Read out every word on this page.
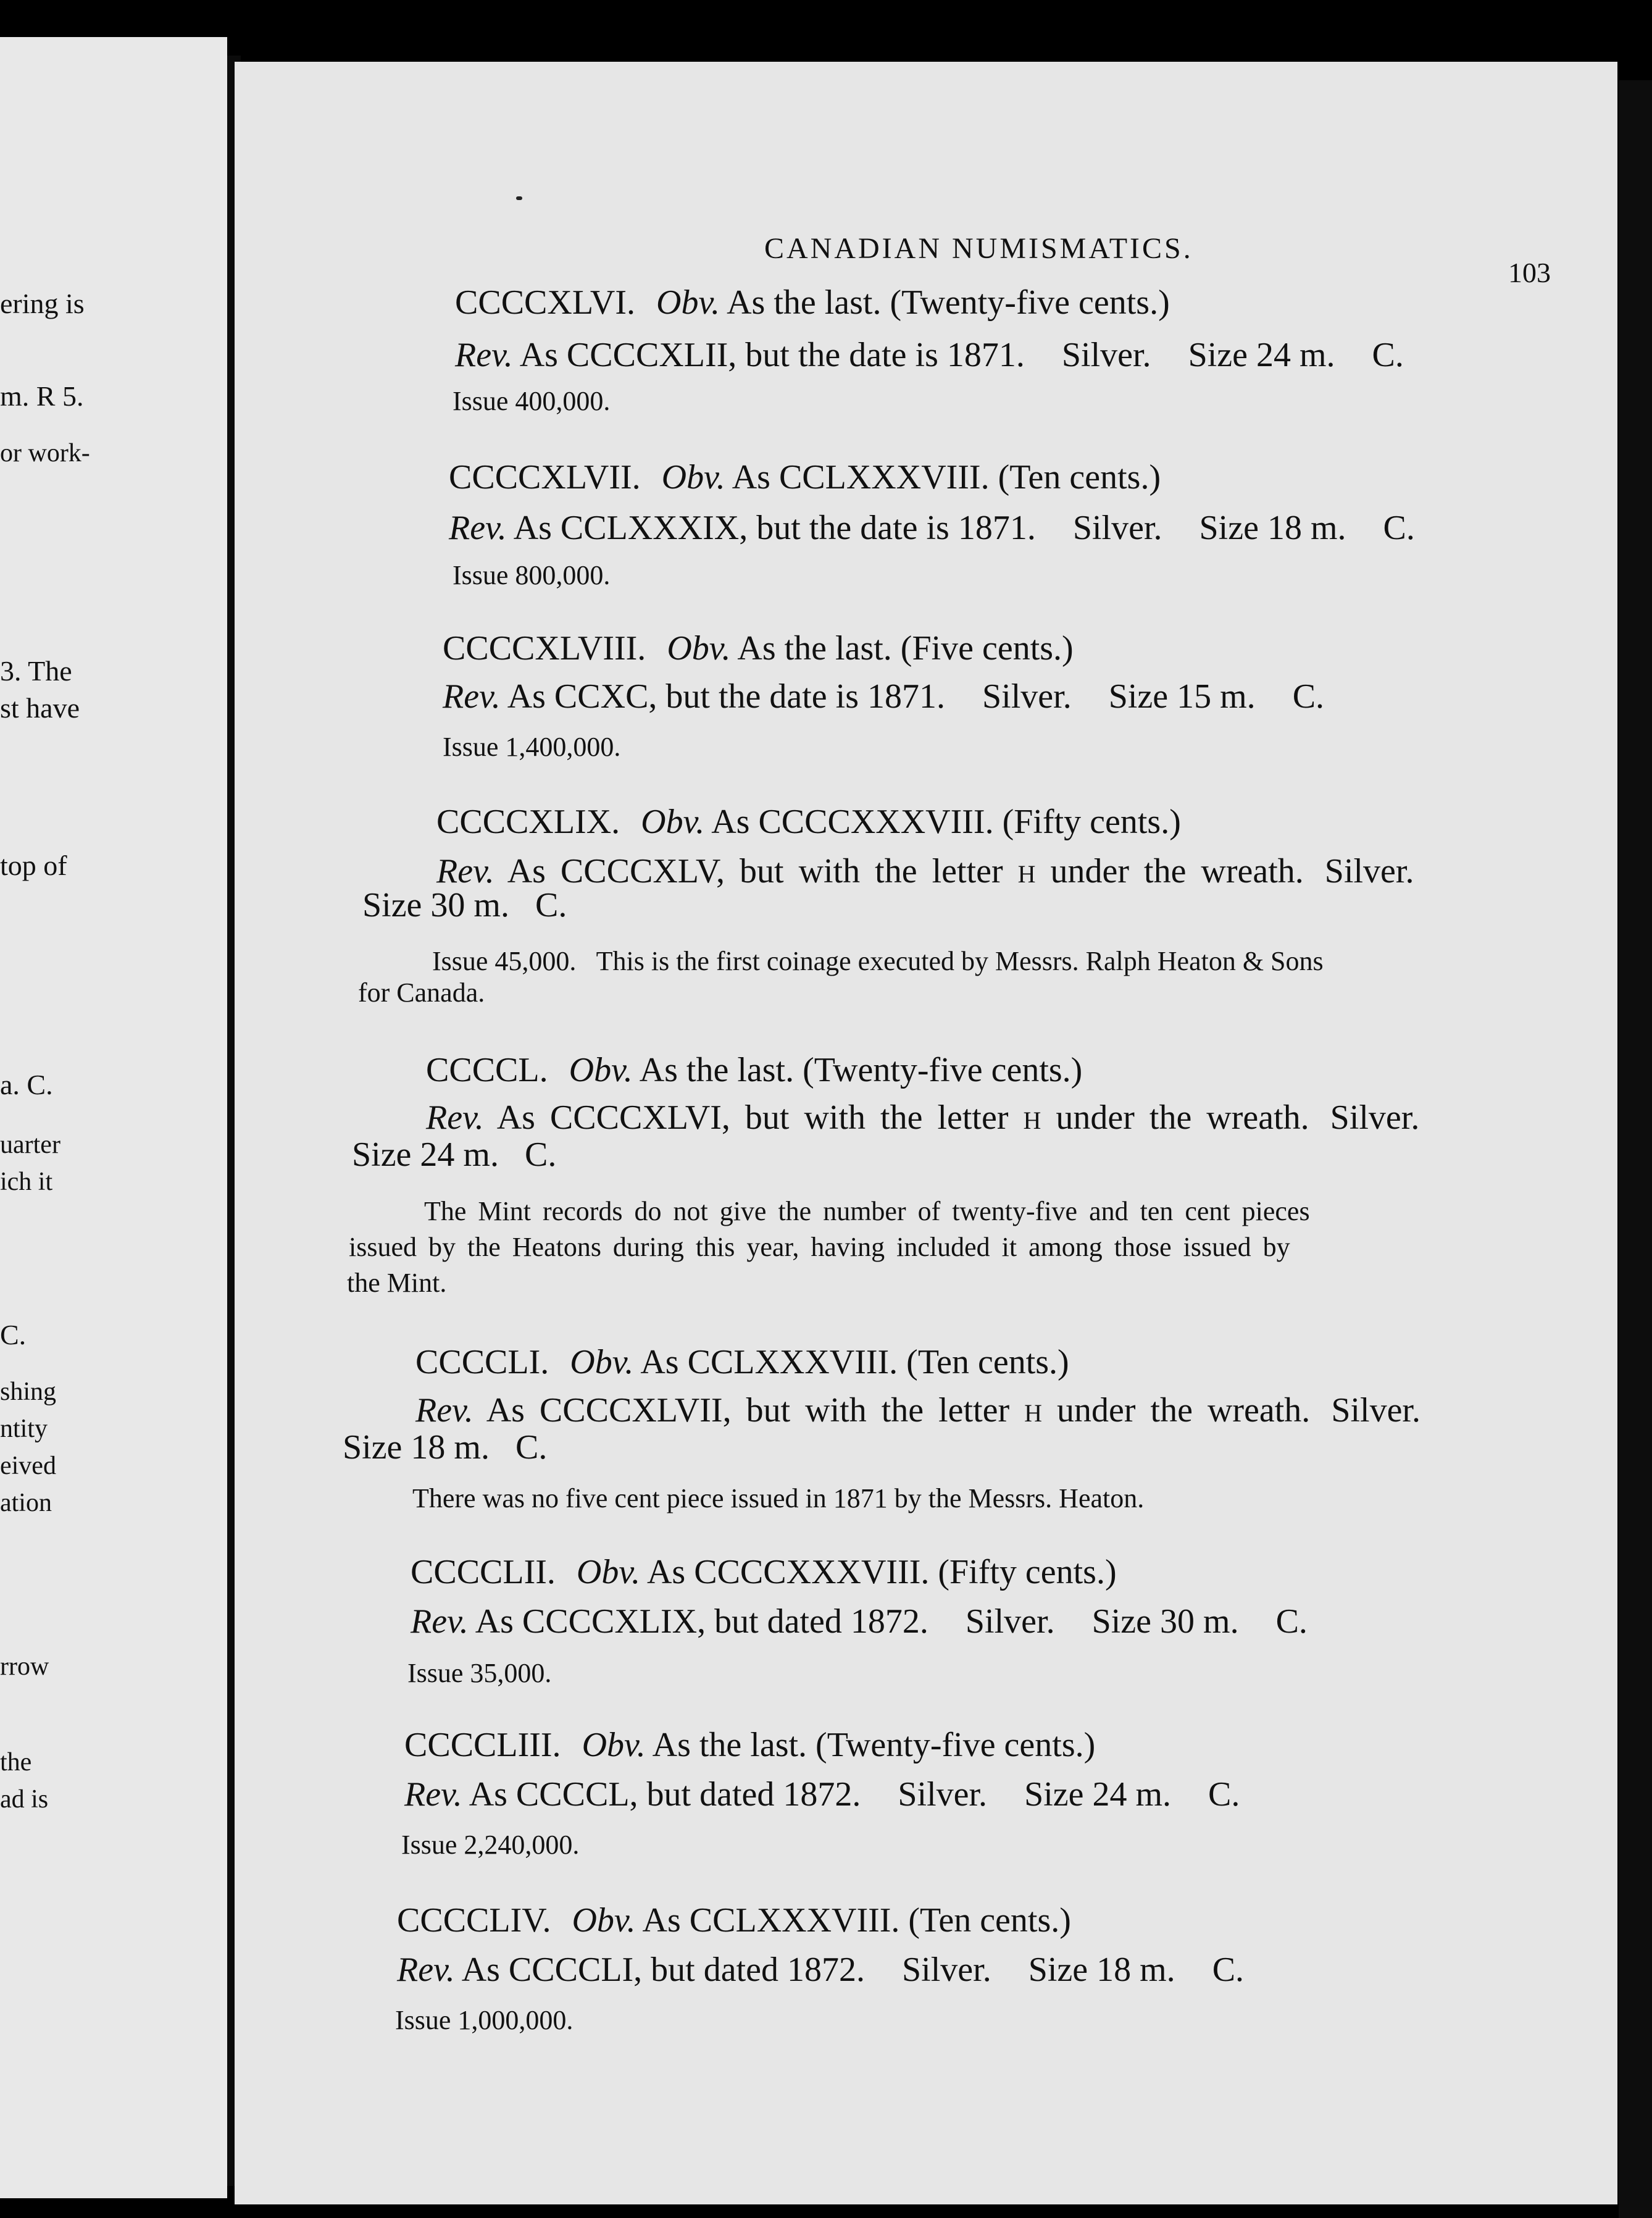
ering is
m. R 5.
or work-
3. The
st have
top of
a. C.
uarter
ich it
C.
shing
ntity
eived
ation
rrow
the
ad is
CANADIAN NUMISMATICS.
103
CCCCXLVI. Obv. As the last. (Twenty-five cents.)
Rev. As CCCCXLII, but the date is 1871. Silver. Size 24 m. C.
Issue 400,000.
CCCCXLVII. Obv. As CCLXXXVIII. (Ten cents.)
Rev. As CCLXXXIX, but the date is 1871. Silver. Size 18 m. C.
Issue 800,000.
CCCCXLVIII. Obv. As the last. (Five cents.)
Rev. As CCXC, but the date is 1871. Silver. Size 15 m. C.
Issue 1,400,000.
CCCCXLIX. Obv. As CCCCXXXVIII. (Fifty cents.)
Rev. As CCCCXLV, but with the letter H under the wreath. Silver.
Size 30 m.   C.
Issue 45,000.   This is the first coinage executed by Messrs. Ralph Heaton & Sons
for Canada.
CCCCL. Obv. As the last. (Twenty-five cents.)
Rev. As CCCCXLVI, but with the letter H under the wreath. Silver.
Size 24 m.   C.
The Mint records do not give the number of twenty-five and ten cent pieces
issued by the Heatons during this year, having included it among those issued by
the Mint.
CCCCLI. Obv. As CCLXXXVIII. (Ten cents.)
Rev. As CCCCXLVII, but with the letter H under the wreath. Silver.
Size 18 m.   C.
There was no five cent piece issued in 1871 by the Messrs. Heaton.
CCCCLII. Obv. As CCCCXXXVIII. (Fifty cents.)
Rev. As CCCCXLIX, but dated 1872. Silver. Size 30 m. C.
Issue 35,000.
CCCCLIII. Obv. As the last. (Twenty-five cents.)
Rev. As CCCCL, but dated 1872. Silver. Size 24 m. C.
Issue 2,240,000.
CCCCLIV. Obv. As CCLXXXVIII. (Ten cents.)
Rev. As CCCCLI, but dated 1872. Silver. Size 18 m. C.
Issue 1,000,000.
